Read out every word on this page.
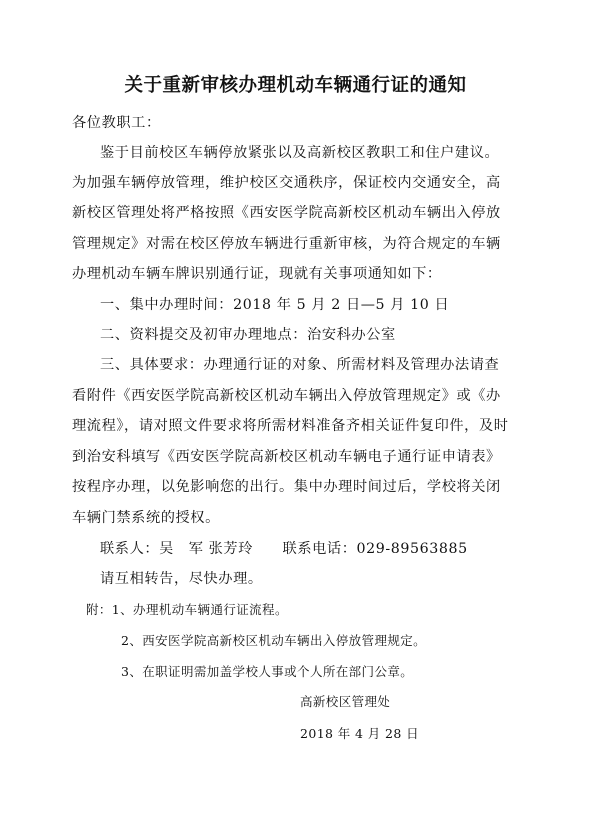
关于重新审核办理机动车辆通行证的通知
各位教职工：
鉴于目前校区车辆停放紧张以及高新校区教职工和住户建议。
为加强车辆停放管理，维护校区交通秩序，保证校内交通安全，高
新校区管理处将严格按照《西安医学院高新校区机动车辆出入停放
管理规定》对需在校区停放车辆进行重新审核，为符合规定的车辆
办理机动车辆车牌识别通行证，现就有关事项通知如下：
一、集中办理时间：2018 年 5 月 2 日—5 月 10 日
二、资料提交及初审办理地点：治安科办公室
三、具体要求：办理通行证的对象、所需材料及管理办法请查
看附件《西安医学院高新校区机动车辆出入停放管理规定》或《办
理流程》，请对照文件要求将所需材料准备齐相关证件复印件，及时
到治安科填写《西安医学院高新校区机动车辆电子通行证申请表》
按程序办理，以免影响您的出行。集中办理时间过后，学校将关闭
车辆门禁系统的授权。
联系人：吴　军 张芳玲　　联系电话：029-89563885
请互相转告，尽快办理。
附：1、办理机动车辆通行证流程。
2、西安医学院高新校区机动车辆出入停放管理规定。
3、在职证明需加盖学校人事或个人所在部门公章。
高新校区管理处
2018 年 4 月 28 日
